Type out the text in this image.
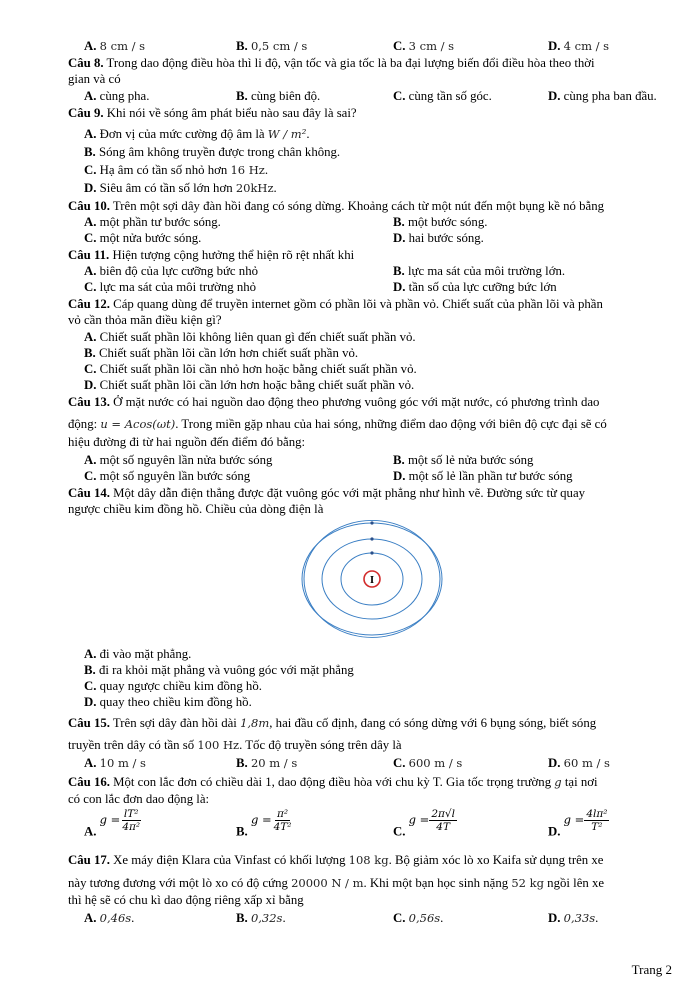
A. 8 cm / s	B. 0,5 cm / s	C. 3 cm / s	D. 4 cm / s
Câu 8. Trong dao động điều hòa thì li độ, vận tốc và gia tốc là ba đại lượng biến đổi điều hòa theo thời
gian và có
A. cùng pha.	B. cùng biên độ.	C. cùng tần số góc.	D. cùng pha ban đầu.
Câu 9. Khi nói về sóng âm phát biểu nào sau đây là sai?
A. Đơn vị của mức cường độ âm là W / m².
B. Sóng âm không truyền được trong chân không.
C. Hạ âm có tần số nhỏ hơn 16 Hz.
D. Siêu âm có tần số lớn hơn 20kHz.
Câu 10. Trên một sợi dây đàn hồi đang có sóng dừng. Khoảng cách từ một nút đến một bụng kề nó bằng
A. một phần tư bước sóng.	B. một bước sóng.
C. một nửa bước sóng.	D. hai bước sóng.
Câu 11. Hiện tượng cộng hưởng thể hiện rõ rệt nhất khi
A. biên độ của lực cưỡng bức nhỏ	B. lực ma sát của môi trường lớn.
C. lực ma sát của môi trường nhỏ	D. tần số của lực cưỡng bức lớn
Câu 12. Cáp quang dùng để truyền internet gồm có phần lõi và phần vỏ. Chiết suất của phần lõi và phần
vỏ cần thỏa mãn điều kiện gì?
A. Chiết suất phần lõi không liên quan gì đến chiết suất phần vỏ.
B. Chiết suất phần lõi cần lớn hơn chiết suất phần vỏ.
C. Chiết suất phần lõi cần nhỏ hơn hoặc bằng chiết suất phần vỏ.
D. Chiết suất phần lõi cần lớn hơn hoặc bằng chiết suất phần vỏ.
Câu 13. Ở mặt nước có hai nguồn dao động theo phương vuông góc với mặt nước, có phương trình dao
động: u = Acos(ωt). Trong miền gặp nhau của hai sóng, những điểm dao động với biên độ cực đại sẽ có
hiệu đường đi từ hai nguồn đến điểm đó bằng:
A. một số nguyên lần nửa bước sóng	B. một số lẻ nửa bước sóng
C. một số nguyên lần bước sóng	D. một số lẻ lần phần tư bước sóng
Câu 14. Một dây dẫn điện thẳng được đặt vuông góc với mặt phẳng như hình vẽ. Đường sức từ quay
ngược chiều kim đồng hồ. Chiều của dòng điện là
I
A. đi vào mặt phẳng.
B. đi ra khỏi mặt phẳng và vuông góc với mặt phẳng
C. quay ngược chiều kim đồng hồ.
D. quay theo chiều kim đồng hồ.
Câu 15. Trên sợi dây đàn hồi dài 1,8m, hai đầu cố định, đang có sóng dừng với 6 bụng sóng, biết sóng
truyền trên dây có tần số 100 Hz. Tốc độ truyền sóng trên dây là
A. 10 m / s	B. 20 m / s	C. 600 m / s	D. 60 m / s
Câu 16. Một con lắc đơn có chiều dài 1, dao động điều hòa với chu kỳ T. Gia tốc trọng trường g tại nơi
có con lắc đơn dao động là:
A. $g = \frac{\text{lT²}}{\text{4π²}}$	B. $g = \frac{\text{π²}}{\text{4T²}}$	C. $g = \frac{2\pi√l}{4T}$	D. $g = \frac{\text{4lπ²}}{\text{T²}}$
Câu 17. Xe máy điện Klara của Vinfast có khối lượng 108 kg. Bộ giảm xóc lò xo Kaifa sử dụng trên xe
này tương đương với một lò xo có độ cứng 20000 N / m. Khi một bạn học sinh nặng 52 kg ngồi lên xe
thì hệ sẽ có chu kì dao động riêng xấp xỉ bằng
A. 0,46s.	B. 0,32s.	C. 0,56s.	D. 0,33s.
Trang 2
